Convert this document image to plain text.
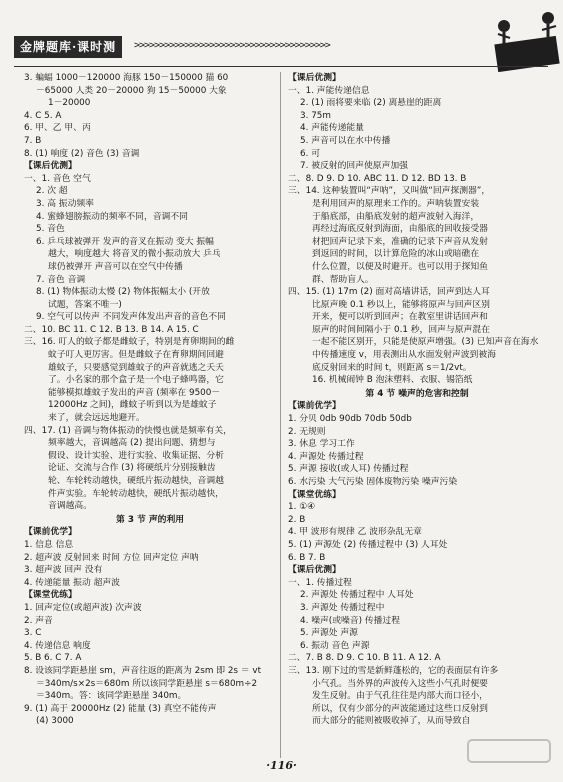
金牌题库·课时测	>>>>>>>>>>>>>>>>>>>>>>>>>>>>>>>>>>>>>>>
3. 蝙蝠 1000－120000 海豚 150－150000 猫 60
－65000 人类 20－20000 狗 15－50000 大象
1－20000
4. C 5. A
6. 甲、乙 甲、丙
7. B
8. (1) 响度 (2) 音色 (3) 音调
【课后优测】
一、1. 音色 空气
2. 次 超
3. 高 振动频率
4. 蜜蜂翅膀振动的频率不同，音调不同
5. 音色
6. 乒乓球被弹开 发声的音叉在振动 变大 振幅
越大，响度越大 将音叉的微小振动放大 乒乓
球仍被弹开 声音可以在空气中传播
7. 音色 音调
8. (1) 物体振动太慢 (2) 物体振幅太小 (开放
试题，答案不唯一)
9. 空气可以传声 不同发声体发出声音的音色不同
二、10. BC 11. C 12. B 13. B 14. A 15. C
三、16. 叮人的蚊子都是雌蚊子，特别是育卵期间的雌
蚊子叮人更厉害。但是雌蚊子在育卵期间回避
雄蚊子，只要感觉到雄蚊子的声音就逃之夭夭
了。小名家的那个盒子是一个电子蜂鸣器，它
能够模拟雄蚊子发出的声音 (频率在 9500－
12000Hz 之间)，雌蚊子听到以为是雄蚊子
来了，就会远远地避开。
四、17. (1) 音调与物体振动的快慢也就是频率有关，
频率越大，音调越高 (2) 提出问题、猜想与
假设、设计实验、进行实验、收集证据、分析
论证、交流与合作 (3) 将硬纸片分别接触齿
轮、车轮转动越快，硬纸片振动越快，音调越
件声实验。车轮转动越快，硬纸片振动越快，
音调越高。
第 3 节 声的利用
【课前优学】
1. 信息 信息
2. 超声波 反射回来 时间 方位 回声定位 声呐
3. 超声波 回声 没有
4. 传递能量 振动 超声波
【课堂优练】
1. 回声定位(或超声波) 次声波
2. 声音
3. C
4. 传递信息 响度
5. B 6. C 7. A
8. 设该同学距悬崖 sm，声音往返的距离为 2sm 即 2s ＝ vt
＝340m/s×2s＝680m 所以该同学距悬崖 s＝680m÷2
＝340m。答：该同学距悬崖 340m。
9. (1) 高于 20000Hz (2) 能量 (3) 真空不能传声
(4) 3000
【课后优测】
一、1. 声能传递信息
2. (1) 雨将要来临 (2) 离悬崖的距离
3. 75m
4. 声能传递能量
5. 声音可以在水中传播
6. 可
7. 被反射的回声使原声加强
二、8. D 9. D 10. ABC 11. D 12. BD 13. B
三、14. 这种装置叫“声呐”，又叫做“回声探测器”，
是利用回声的原理来工作的。声呐装置安装
于船底部，由船底发射的超声波射入海洋，
再经过海底反射到海面，由船底的回收接受器
材把回声记录下来，准确的记录下声音从发射
到返回的时间，以计算危险的冰山或暗礁在
什么位置，以便及时避开。也可以用于探知鱼
群、帮助盲人。
四、15. (1) 17m (2) 面对高墙讲话，回声到达人耳
比原声晚 0.1 秒以上，能够将原声与回声区别
开来，便可以听到回声；在教室里讲话回声和
原声的时间间隔小于 0.1 秒，回声与原声混在
一起不能区别开，只能是使原声增强。(3) 已知声音在海水
中传播速度 v，用表测出从水面发射声波到被海
底反射回来的时间 t，则距离 s＝1/2vt。
16. 机械闹钟 B 泡沫塑料、衣服、锡箔纸
第 4 节 噪声的危害和控制
【课前优学】
1. 分贝 0db 90db 70db 50db
2. 无规则
3. 休息 学习工作
4. 声源处 传播过程
5. 声源 接收(或人耳) 传播过程
6. 水污染 大气污染 固体废物污染 噪声污染
【课堂优练】
1. ①④
2. B
4. 甲 波形有规律 乙 波形杂乱无章
5. (1) 声源处 (2) 传播过程中 (3) 人耳处
6. B 7. B
【课后优测】
一、1. 传播过程
2. 声源处 传播过程中 人耳处
3. 声源处 传播过程中
4. 噪声(或噪音) 传播过程
5. 声源处 声源
6. 振动 音色 声源
二、7. B 8. D 9. C 10. B 11. A 12. A
三、13. 刚下过的雪是新鲜蓬松的，它的表面层有许多
小气孔。当外界的声波传入这些小气孔时便要
发生反射。由于气孔往往是内部大而口径小，
所以，仅有少部分的声波能通过这些口反射到
而大部分的能则被吸收掉了，从而导致自
·116·
